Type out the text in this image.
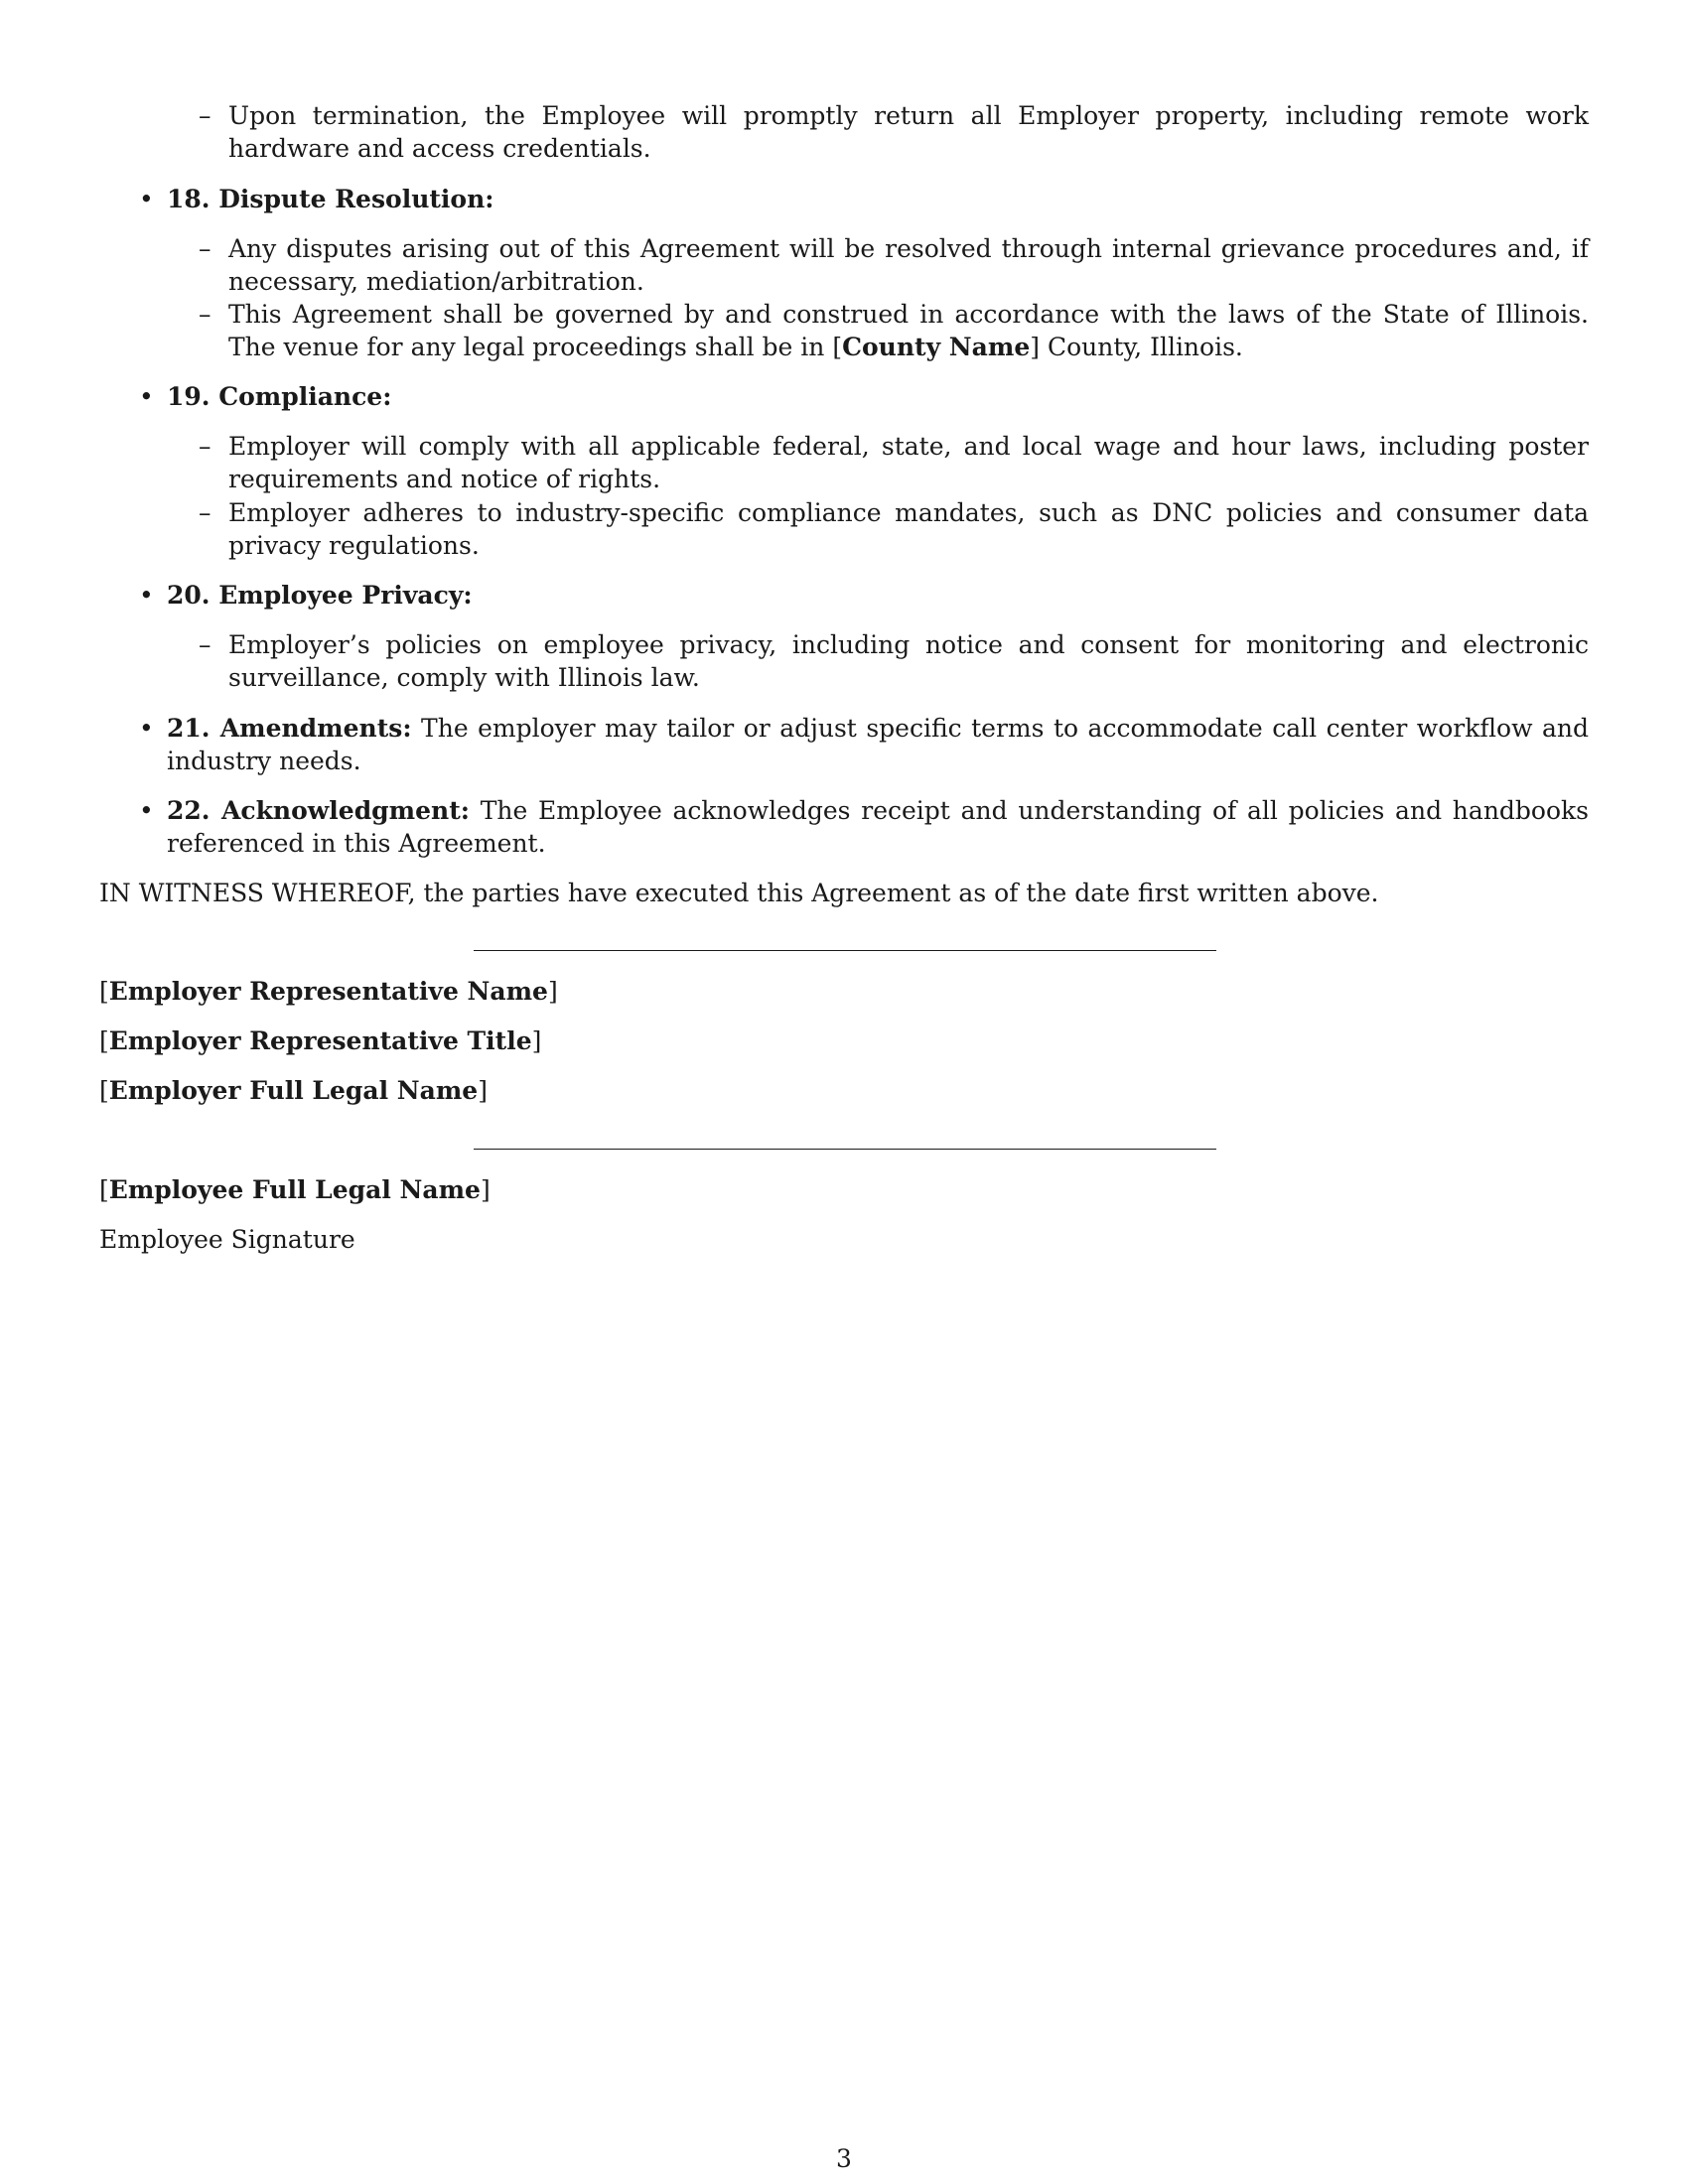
– Upon termination, the Employee will promptly return all Employer property, including remote work hardware and access credentials.
• 18. Dispute Resolution:
– Any disputes arising out of this Agreement will be resolved through internal grievance procedures and, if necessary, mediation/arbitration.
– This Agreement shall be governed by and construed in accordance with the laws of the State of Illinois. The venue for any legal proceedings shall be in [County Name] County, Illinois.
• 19. Compliance:
– Employer will comply with all applicable federal, state, and local wage and hour laws, including poster requirements and notice of rights.
– Employer adheres to industry-specific compliance mandates, such as DNC policies and consumer data privacy regulations.
• 20. Employee Privacy:
– Employer’s policies on employee privacy, including notice and consent for monitoring and electronic surveillance, comply with Illinois law.
• 21. Amendments: The employer may tailor or adjust specific terms to accommodate call center workflow and industry needs.
• 22. Acknowledgment: The Employee acknowledges receipt and understanding of all policies and handbooks referenced in this Agreement.
IN WITNESS WHEREOF, the parties have executed this Agreement as of the date first written above.
[Employer Representative Name]
[Employer Representative Title]
[Employer Full Legal Name]
[Employee Full Legal Name]
Employee Signature
3
